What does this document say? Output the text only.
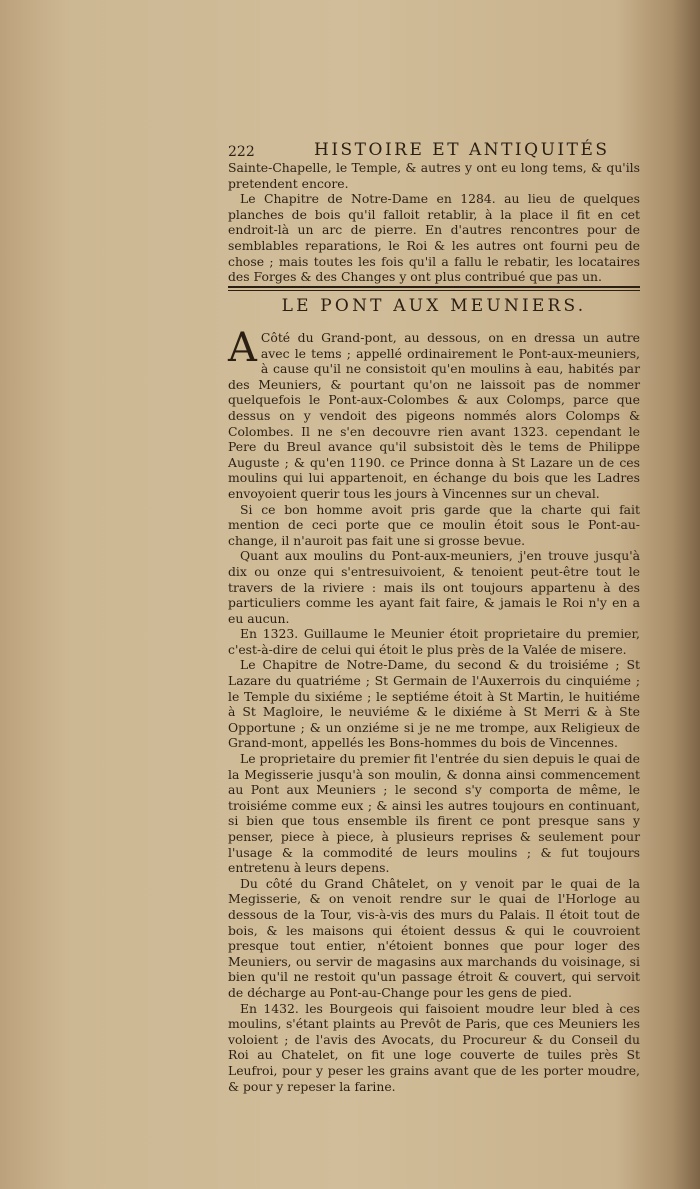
222	HISTOIRE ET ANTIQUITÉS

Sainte-Chapelle, le Temple, & autres y ont eu long tems, & qu'ils pretendent encore.

Le Chapitre de Notre-Dame en 1284. au lieu de quelques planches de bois qu'il falloit retablir, à la place il fit en cet endroit-là un arc de pierre. En d'autres rencontres pour de semblables reparations, le Roi & les autres ont fourni peu de chose ; mais toutes les fois qu'il a fallu le rebatir, les locataires des Forges & des Changes y ont plus contribué que pas un.

LE PONT AUX MEUNIERS.

A Côté du Grand-pont, au dessous, on en dressa un autre avec le tems ; appellé ordinairement le Pont-aux-meuniers, à cause qu'il ne consistoit qu'en moulins à eau, habités par des Meuniers, & pourtant qu'on ne laissoit pas de nommer quelquefois le Pont-aux-Colombes & aux Colomps, parce que dessus on y vendoit des pigeons nommés alors Colomps & Colombes. Il ne s'en decouvre rien avant 1323. cependant le Pere du Breul avance qu'il subsistoit dès le tems de Philippe Auguste ; & qu'en 1190. ce Prince donna à St Lazare un de ces moulins qui lui appartenoit, en échange du bois que les Ladres envoyoient querir tous les jours à Vincennes sur un cheval.

Si ce bon homme avoit pris garde que la charte qui fait mention de ceci porte que ce moulin étoit sous le Pont-au-change, il n'auroit pas fait une si grosse bevue.

Quant aux moulins du Pont-aux-meuniers, j'en trouve jusqu'à dix ou onze qui s'entresuivoient, & tenoient peut-être tout le travers de la riviere : mais ils ont toujours appartenu à des particuliers comme les ayant fait faire, & jamais le Roi n'y en a eu aucun.

En 1323. Guillaume le Meunier étoit proprietaire du premier, c'est-à-dire de celui qui étoit le plus près de la Valée de misere.

Le Chapitre de Notre-Dame, du second & du troisiéme ; St Lazare du quatriéme ; St Germain de l'Auxerrois du cinquiéme ; le Temple du sixiéme ; le septiéme étoit à St Martin, le huitiéme à St Magloire, le neuviéme & le dixiéme à St Merri & à Ste Opportune ; & un onziéme si je ne me trompe, aux Religieux de Grand-mont, appellés les Bons-hommes du bois de Vincennes.

Le proprietaire du premier fit l'entrée du sien depuis le quai de la Megisserie jusqu'à son moulin, & donna ainsi commencement au Pont aux Meuniers ; le second s'y comporta de même, le troisiéme comme eux ; & ainsi les autres toujours en continuant, si bien que tous ensemble ils firent ce pont presque sans y penser, piece à piece, à plusieurs reprises & seulement pour l'usage & la commodité de leurs moulins ; & fut toujours entretenu à leurs depens.

Du côté du Grand Châtelet, on y venoit par le quai de la Megisserie, & on venoit rendre sur le quai de l'Horloge au dessous de la Tour, vis-à-vis des murs du Palais. Il étoit tout de bois, & les maisons qui étoient dessus & qui le couvroient presque tout entier, n'étoient bonnes que pour loger des Meuniers, ou servir de magasins aux marchands du voisinage, si bien qu'il ne restoit qu'un passage étroit & couvert, qui servoit de décharge au Pont-au-Change pour les gens de pied.

En 1432. les Bourgeois qui faisoient moudre leur bled à ces moulins, s'étant plaints au Prevôt de Paris, que ces Meuniers les voloient ; de l'avis des Avocats, du Procureur & du Conseil du Roi au Chatelet, on fit une loge couverte de tuiles près St Leufroi, pour y peser les grains avant que de les porter moudre, & pour y repeser la farine.
